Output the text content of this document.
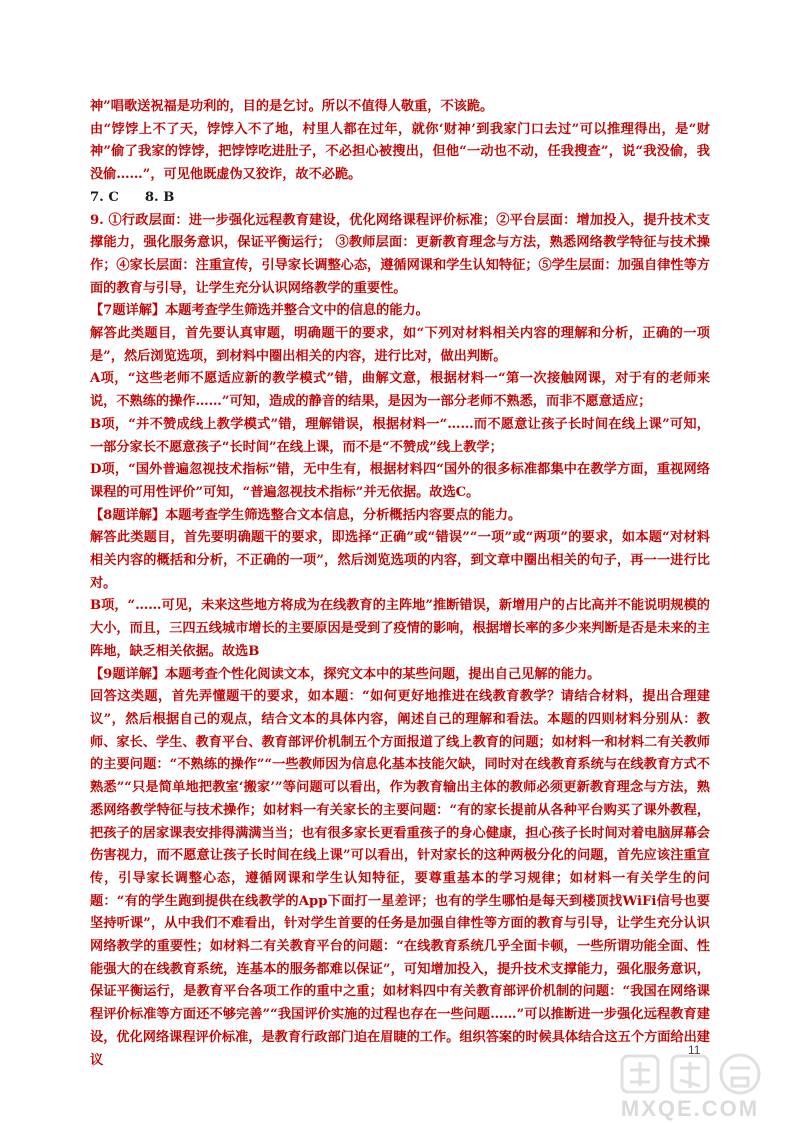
神”唱歌送祝福是功利的，目的是乞讨。所以不值得人敬重，不该跪。

由“饽饽上不了天，饽饽入不了地，村里人都在过年，就你‘财神’到我家门口去过”可以推理得出，是“财神”偷了我家的饽饽，把饽饽吃进肚子，不必担心被搜出，但他“一动也不动，任我搜查”，说“我没偷，我没偷……”，可见他既虚伪又狡诈，故不必跪。

7. C 8. B

9. ①行政层面：进一步强化远程教育建设，优化网络课程评价标准；②平台层面：增加投入，提升技术支撑能力，强化服务意识，保证平衡运行； ③教师层面：更新教育理念与方法，熟悉网络教学特征与技术操作；④家长层面：注重宣传，引导家长调整心态，遵循网课和学生认知特征；⑤学生层面：加强自律性等方面的教育与引导，让学生充分认识网络教学的重要性。

【7题详解】本题考查学生筛选并整合文中的信息的能力。

解答此类题目，首先要认真审题，明确题干的要求，如“下列对材料相关内容的理解和分析，正确的一项是”，然后浏览选项，到材料中圈出相关的内容，进行比对，做出判断。

A项，“这些老师不愿适应新的教学模式”错，曲解文意，根据材料一“第一次接触网课，对于有的老师来说，不熟练的操作……”可知，造成的静音的结果，是因为一部分老师不熟悉，而非不愿意适应；

B项，“并不赞成线上教学模式”错，理解错误，根据材料一“……而不愿意让孩子长时间在线上课”可知，一部分家长不愿意孩子“长时间”在线上课，而不是“不赞成”线上教学；

D项，“国外普遍忽视技术指标”错，无中生有，根据材料四“国外的很多标准都集中在教学方面，重视网络课程的可用性评价”可知，“普遍忽视技术指标”并无依据。故选C。

【8题详解】本题考查学生筛选整合文本信息，分析概括内容要点的能力。

解答此类题目，首先要明确题干的要求，即选择“正确”或“错误”“一项”或“两项”的要求，如本题“对材料相关内容的概括和分析，不正确的一项”，然后浏览选项的内容，到文章中圈出相关的句子，再一一进行比对。

B项，“……可见，未来这些地方将成为在线教育的主阵地”推断错误，新增用户的占比高并不能说明规模的大小，而且，三四五线城市增长的主要原因是受到了疫情的影响，根据增长率的多少来判断是否是未来的主阵地，缺乏相关依据。故选B

【9题详解】本题考查个性化阅读文本，探究文本中的某些问题，提出自己见解的能力。

回答这类题，首先弄懂题干的要求，如本题：“如何更好地推进在线教育教学？请结合材料，提出合理建议”，然后根据自己的观点，结合文本的具体内容，阐述自己的理解和看法。本题的四则材料分别从：教师、家长、学生、教育平台、教育部评价机制五个方面报道了线上教育的问题；如材料一和材料二有关教师的主要问题：“不熟练的操作”“一些教师因为信息化基本技能欠缺，同时对在线教育系统与在线教育方式不熟悉”“只是简单地把教室‘搬家’”等问题可以看出，作为教育输出主体的教师必须更新教育理念与方法，熟悉网络教学特征与技术操作；如材料一有关家长的主要问题：“有的家长提前从各种平台购买了课外教程，把孩子的居家课表安排得满满当当；也有很多家长更看重孩子的身心健康，担心孩子长时间对着电脑屏幕会伤害视力，而不愿意让孩子长时间在线上课”可以看出，针对家长的这种两极分化的问题，首先应该注重宣传，引导家长调整心态，遵循网课和学生认知特征，要尊重基本的学习规律；如材料一有关学生的问题：“有的学生跑到提供在线教学的App下面打一星差评；也有的学生哪怕是每天到楼顶找WiFi信号也要坚持听课”，从中我们不难看出，针对学生首要的任务是加强自律性等方面的教育与引导，让学生充分认识网络教学的重要性；如材料二有关教育平台的问题：“在线教育系统几乎全面卡顿，一些所谓功能全面、性能强大的在线教育系统，连基本的服务都难以保证”，可知增加投入，提升技术支撑能力，强化服务意识，保证平衡运行，是教育平台各项工作的重中之重；如材料四中有关教育部评价机制的问题：“我国在网络课程评价标准等方面还不够完善”“我国评价实施的过程也存在一些问题……”可以推断进一步强化远程教育建设，优化网络课程评价标准，是教育行政部门迫在眉睫的工作。组织答案的时候具体结合这五个方面给出建议

11
MXQE.COM
